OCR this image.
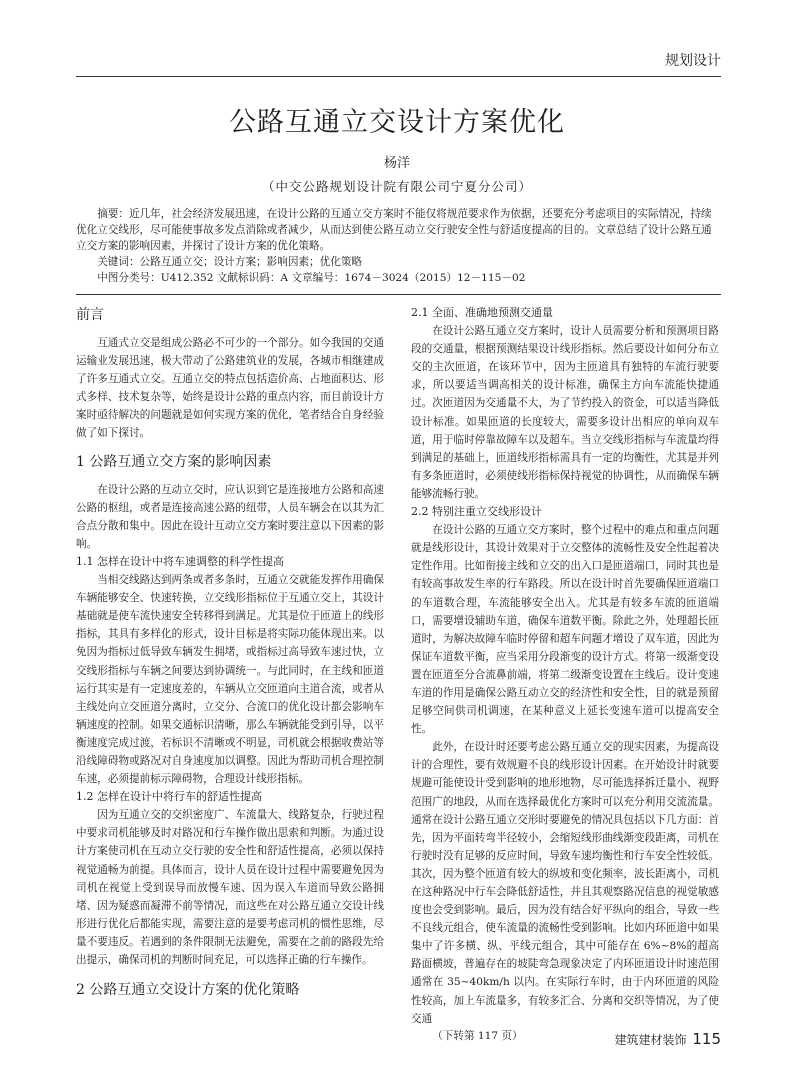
规划设计
公路互通立交设计方案优化
杨洋
（中交公路规划设计院有限公司宁夏分公司）

摘要：近几年，社会经济发展迅速，在设计公路的互通立交方案时不能仅将规范要求作为依据，还要充分考虑项目的实际情况，持续优化立交线形，尽可能使事故多发点消除或者减少，从而达到使公路互动立交行驶安全性与舒适度提高的目的。文章总结了设计公路互通立交方案的影响因素，并探讨了设计方案的优化策略。

关键词：公路互通立交；设计方案；影响因素；优化策略

中图分类号：U412.352 文献标识码：A 文章编号：1674－3024（2015）12－115－02

前言

互通式立交是组成公路必不可少的一个部分。如今我国的交通运输业发展迅速，极大带动了公路建筑业的发展，各城市相继建成了许多互通式立交。互通立交的特点包括造价高、占地面积达、形式多样、技术复杂等，始终是设计公路的重点内容，而目前设计方案时亟待解决的问题就是如何实现方案的优化，笔者结合自身经验做了如下探讨。

1 公路互通立交方案的影响因素

在设计公路的互动立交时，应认识到它是连接地方公路和高速公路的枢纽，或者是连接高速公路的纽带，人员车辆会在以其为汇合点分散和集中。因此在设计互动立交方案时要注意以下因素的影响。

1.1 怎样在设计中将车速调整的科学性提高

当相交线路达到两条或者多条时，互通立交就能发挥作用确保车辆能够安全、快速转换，立交线形指标位于互通立交上，其设计基础就是使车流快速安全转移得到满足。尤其是位于匝道上的线形指标，其具有多样化的形式，设计目标是将实际功能体现出来。以免因为指标过低导致车辆发生拥堵，或指标过高导致车速过快，立交线形指标与车辆之间要达到协调统一。与此同时，在主线和匝道运行其实是有一定速度差的，车辆从立交匝道向主道合流，或者从主线处向立交匝道分离时，立交分、合流口的优化设计都会影响车辆速度的控制。如果交通标识清晰，那么车辆就能受到引导，以平衡速度完成过渡，若标识不清晰或不明显，司机就会根据收费站等沿线障碍物或路况对自身速度加以调整。因此为帮助司机合理控制车速，必须提前标示障碍物，合理设计线形指标。

1.2 怎样在设计中将行车的舒适性提高

因为互通立交的交织密度广、车流量大、线路复杂，行驶过程中要求司机能够及时对路况和行车操作做出思索和判断。为通过设计方案使司机在互动立交行驶的安全性和舒适性提高，必须以保持视觉通畅为前提。具体而言，设计人员在设计过程中需要避免因为司机在视觉上受到误导而放慢车速、因为误入车道而导致公路拥堵、因为疑惑而凝滞不前等情况，而这些在对公路互通立交设计线形进行优化后都能实现，需要注意的是要考虑司机的惯性思维，尽量不要违反。若遇到的条件限制无法避免，需要在之前的路段先给出提示，确保司机的判断时间充足，可以选择正确的行车操作。

2 公路互通立交设计方案的优化策略
2.1 全面、准确地预测交通量

在设计公路互通立交方案时，设计人员需要分析和预测项目路段的交通量，根据预测结果设计线形指标。然后要设计如何分布立交的主次匝道，在该环节中，因为主匝道具有独特的车流行驶要求，所以要适当调高相关的设计标准，确保主方向车流能快捷通过。次匝道因为交通量不大，为了节约投入的资金，可以适当降低设计标准。如果匝道的长度较大，需要多设计出相应的单向双车道，用于临时停靠故障车以及超车。当立交线形指标与车流量均得到满足的基础上，匝道线形指标需具有一定的均衡性，尤其是并列有多条匝道时，必须使线形指标保持视觉的协调性，从而确保车辆能够流畅行驶。

2.2 特别注重立交线形设计

在设计公路的互通立交方案时，整个过程中的难点和重点问题就是线形设计，其设计效果对于立交整体的流畅性及安全性起着决定性作用。比如衔接主线和立交的出入口是匝道端口，同时其也是有较高事故发生率的行车路段。所以在设计时首先要确保匝道端口的车道数合理，车流能够安全出入。尤其是有较多车流的匝道端口，需要增设辅助车道，确保车道数平衡。除此之外，处理超长匝道时，为解决故障车临时停留和超车问题才增设了双车道，因此为保证车道数平衡，应当采用分段渐变的设计方式。将第一级渐变设置在匝道至分合流鼻前端，将第二级渐变设置在主线后。设计变速车道的作用是确保公路互动立交的经济性和安全性，目的就是预留足够空间供司机调速，在某种意义上延长变速车道可以提高安全性。

此外，在设计时还要考虑公路互通立交的现实因素，为提高设计的合理性，要有效规避不良的线形设计因素。在开始设计时就要规避可能使设计受到影响的地形地物，尽可能选择拆迁量小、视野范围广的地段，从而在选择最优化方案时可以充分利用交流流量。通常在设计公路互通立交形时要避免的情况具包括以下几方面：首先，因为平面转弯半径较小，会缩短线形曲线渐变段距离，司机在行驶时没有足够的反应时间，导致车速均衡性和行车安全性较低。其次，因为整个匝道有较大的纵坡和变化频率，波长距离小，司机在这种路况中行车会降低舒适性，并且其观察路况信息的视觉敏感度也会受到影响。最后，因为没有结合好平纵向的组合，导致一些不良线元组合，使车流量的流畅性受到影响。比如内环匝道中如果集中了许多横、纵、平线元组合，其中可能存在 6%~8%的超高路面横坡，普遍存在的坡陡弯急现象决定了内环匝道设计时速范围通常在 35~40km/h 以内。在实际行车时，由于内环匝道的风险性较高，加上车流量多，有较多汇合、分离和交织等情况，为了使交通

（下转第 117 页）	建筑建材装饰 115
